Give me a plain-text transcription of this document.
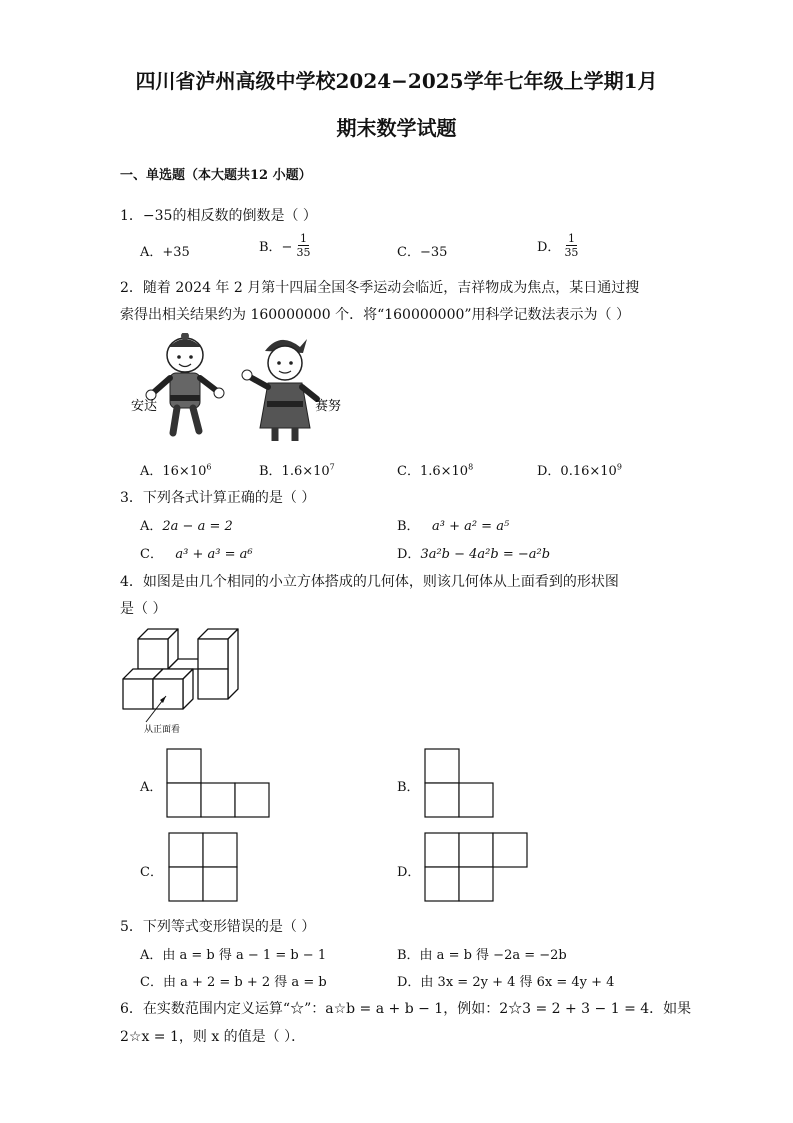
四川省泸州高级中学校2024−2025学年七年级上学期1月
期末数学试题
一、单选题（本大题共12 小题）
1．−35的相反数的倒数是（ ）
A．+35	B．− $\frac{1}{35}$	C．−35	D． $\frac{1}{35}$
2．随着 2024 年 2 月第十四届全国冬季运动会临近，吉祥物成为焦点，某日通过搜
索得出相关结果约为 160000000 个．将“160000000”用科学记数法表示为（ ）
安达	赛努
A．$16\times 10^6$	B．$1.6\times 10^7$	C．$1.6\times 10^8$	D．$0.16\times 10^9$
3．下列各式计算正确的是（ ）
A．2a − a = 2	B． a³ + a² = a⁵
C． a³ + a³ = a⁶	D．3a²b − 4a²b = −a²b
4．如图是由几个相同的小立方体搭成的几何体，则该几何体从上面看到的形状图
是（ ）
从正面看
A．	B．
C．	D．
5．下列等式变形错误的是（ ）
A．由 a = b 得 a − 1 = b − 1	B．由 a = b 得 −2a = −2b
C．由 a + 2 = b + 2 得 a = b	D．由 3x = 2y + 4 得 6x = 4y + 4
6．在实数范围内定义运算“☆”：a☆b = a + b − 1，例如：2☆3 = 2 + 3 − 1 = 4．如果
2☆x = 1，则 x 的值是（ ）．
